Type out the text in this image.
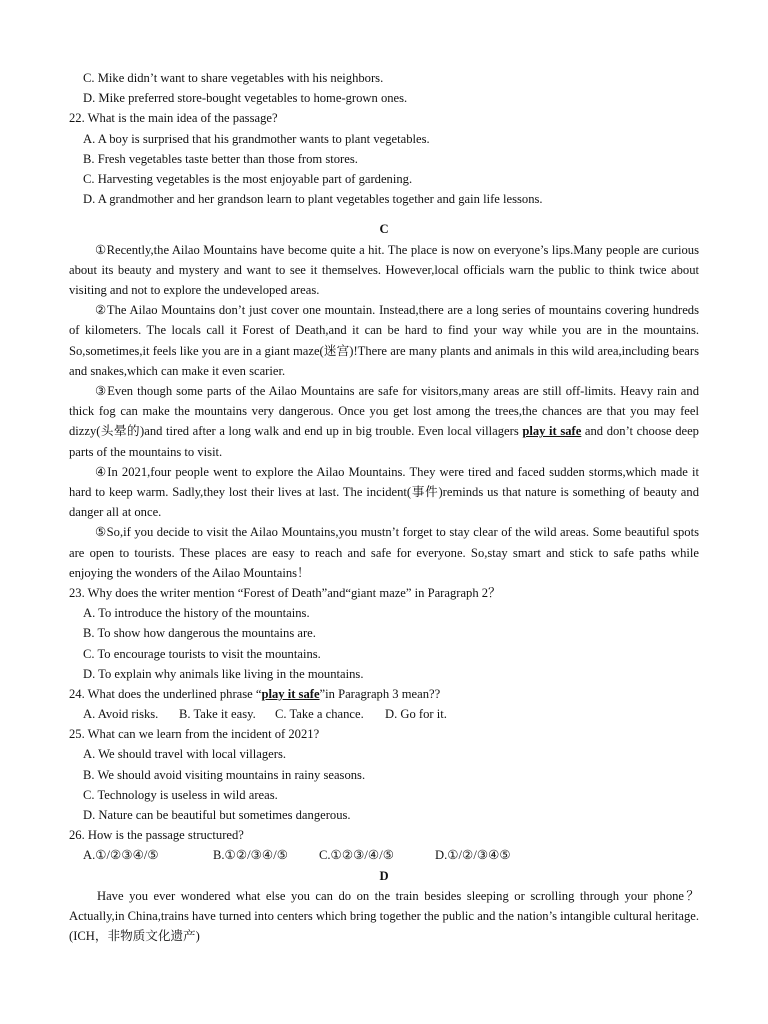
C. Mike didn’t want to share vegetables with his neighbors.
D. Mike preferred store-bought vegetables to home-grown ones.
22. What is the main idea of the passage?
A. A boy is surprised that his grandmother wants to plant vegetables.
B. Fresh vegetables taste better than those from stores.
C. Harvesting vegetables is the most enjoyable part of gardening.
D. A grandmother and her grandson learn to plant vegetables together and gain life lessons.
C
①Recently,the Ailao Mountains have become quite a hit. The place is now on everyone’s lips.Many people are curious about its beauty and mystery and want to see it themselves. However,local officials warn the public to think twice about visiting and not to explore the undeveloped areas.
②The Ailao Mountains don’t just cover one mountain. Instead,there are a long series of mountains covering hundreds of kilometers. The locals call it Forest of Death,and it can be hard to find your way while you are in the mountains. So,sometimes,it feels like you are in a giant maze(迷宫)!There are many plants and animals in this wild area,including bears and snakes,which can make it even scarier.
③Even though some parts of the Ailao Mountains are safe for visitors,many areas are still off-limits. Heavy rain and thick fog can make the mountains very dangerous. Once you get lost among the trees,the chances are that you may feel dizzy(头晕的)and tired after a long walk and end up in big trouble. Even local villagers play it safe and don’t choose deep parts of the mountains to visit.
④In 2021,four people went to explore the Ailao Mountains. They were tired and faced sudden storms,which made it hard to keep warm. Sadly,they lost their lives at last. The incident(事件)reminds us that nature is something of beauty and danger all at once.
⑤So,if you decide to visit the Ailao Mountains,you mustn’t forget to stay clear of the wild areas. Some beautiful spots are open to tourists. These places are easy to reach and safe for everyone. So,stay smart and stick to safe paths while enjoying the wonders of the Ailao Mountains！
23. Why does the writer mention “Forest of Death”and“giant maze” in Paragraph 2？
A. To introduce the history of the mountains.
B. To show how dangerous the mountains are.
C. To encourage tourists to visit the mountains.
D. To explain why animals like living in the mountains.
24. What does the underlined phrase “play it safe”in Paragraph 3 mean??
A. Avoid risks. B. Take it easy. C. Take a chance. D. Go for it.
25. What can we learn from the incident of 2021?
A. We should travel with local villagers.
B. We should avoid visiting mountains in rainy seasons.
C. Technology is useless in wild areas.
D. Nature can be beautiful but sometimes dangerous.
26. How is the passage structured?
A.①/②③④/⑤	B.①②/③④/⑤ C.①②③/④/⑤	D.①/②/③④⑤
D
Have you ever wondered what else you can do on the train besides sleeping or scrolling through your phone？Actually,in China,trains have turned into centers which bring together the public and the nation’s intangible cultural heritage.(ICH，非物质文化遗产)
